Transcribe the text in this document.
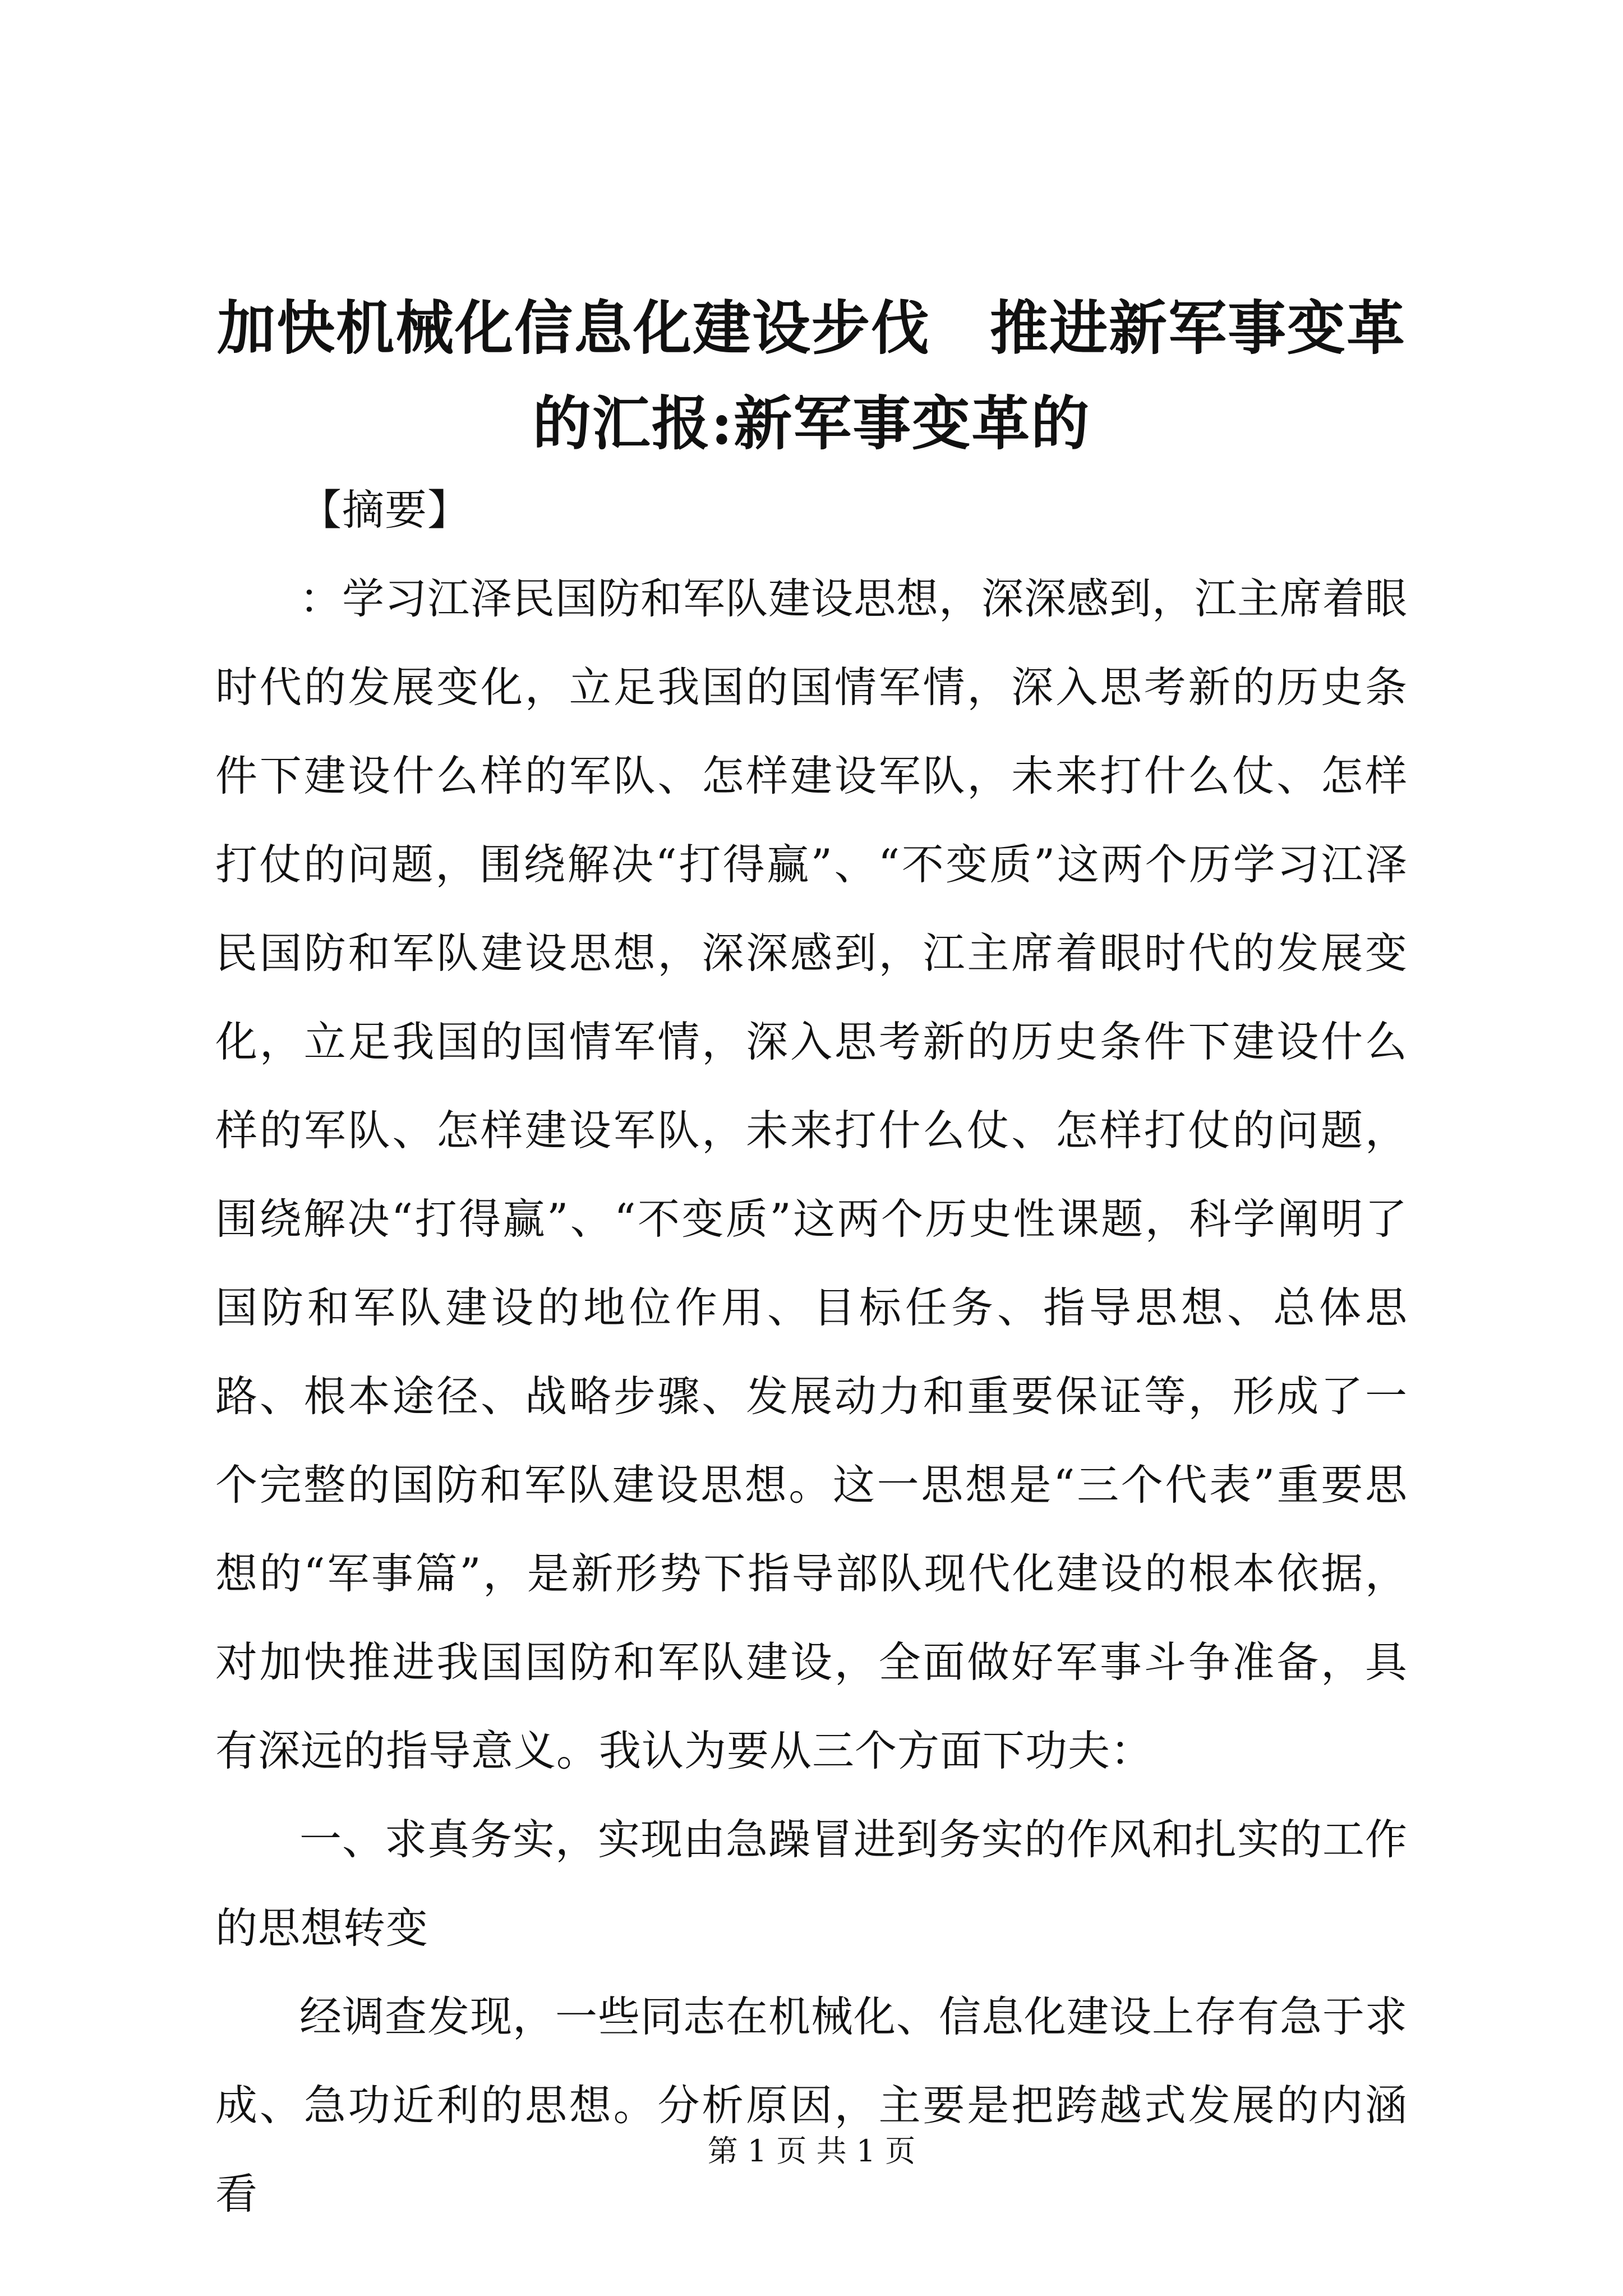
加快机械化信息化建设步伐　推进新军事变革
的汇报:新军事变革的

【摘要】

：学习江泽民国防和军队建设思想，深深感到，江主席着眼时代的发展变化，立足我国的国情军情，深入思考新的历史条件下建设什么样的军队、怎样建设军队，未来打什么仗、怎样打仗的问题，围绕解决“打得赢”、“不变质”这两个历学习江泽民国防和军队建设思想，深深感到，江主席着眼时代的发展变化，立足我国的国情军情，深入思考新的历史条件下建设什么样的军队、怎样建设军队，未来打什么仗、怎样打仗的问题，围绕解决“打得赢”、“不变质”这两个历史性课题，科学阐明了国防和军队建设的地位作用、目标任务、指导思想、总体思路、根本途径、战略步骤、发展动力和重要保证等，形成了一个完整的国防和军队建设思想。这一思想是“三个代表”重要思想的“军事篇”，是新形势下指导部队现代化建设的根本依据，对加快推进我国国防和军队建设，全面做好军事斗争准备，具有深远的指导意义。我认为要从三个方面下功夫：

一、求真务实，实现由急躁冒进到务实的作风和扎实的工作的思想转变

经调查发现，一些同志在机械化、信息化建设上存有急于求成、急功近利的思想。分析原因，主要是把跨越式发展的内涵看

第 1 页 共 1 页
